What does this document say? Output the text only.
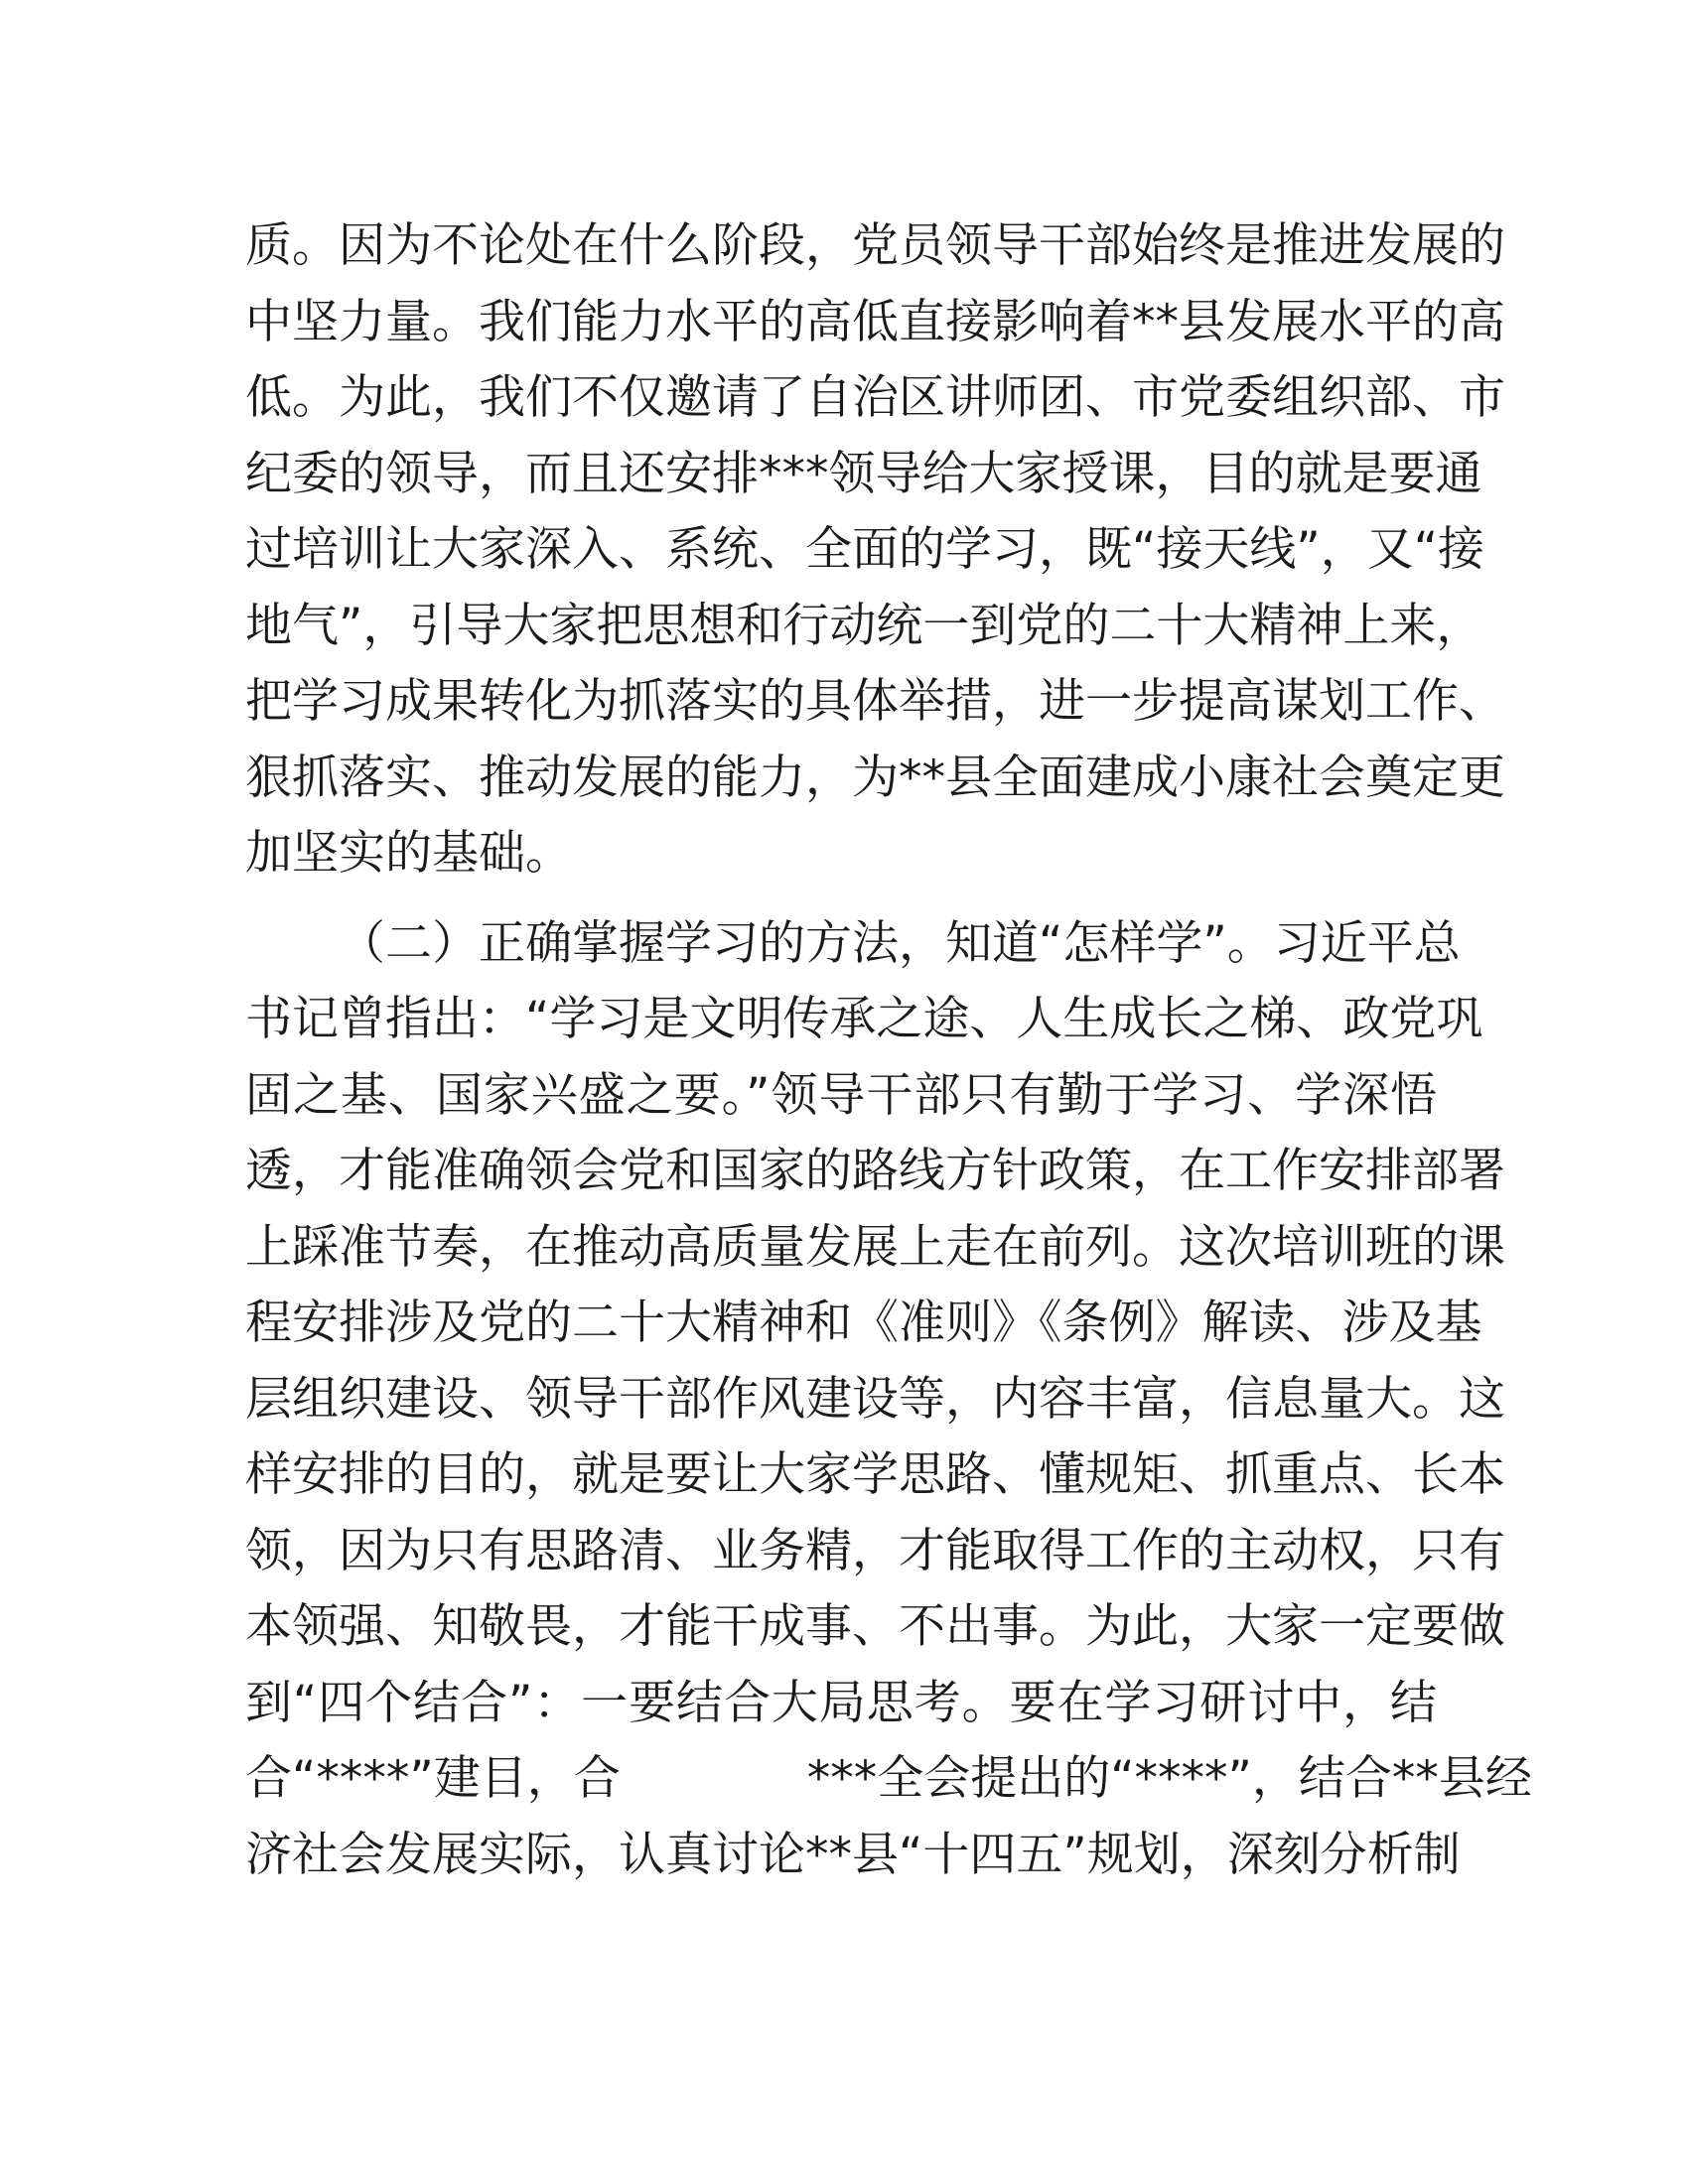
质。因为不论处在什么阶段，党员领导干部始终是推进发展的
中坚力量。我们能力水平的高低直接影响着**县发展水平的高
低。为此，我们不仅邀请了自治区讲师团、市党委组织部、市
纪委的领导，而且还安排***领导给大家授课，目的就是要通
过培训让大家深入、系统、全面的学习，既“接天线”，又“接
地气”，引导大家把思想和行动统一到党的二十大精神上来，
把学习成果转化为抓落实的具体举措，进一步提高谋划工作、
狠抓落实、推动发展的能力，为**县全面建成小康社会奠定更
加坚实的基础。
（二）正确掌握学习的方法，知道“怎样学”。习近平总
书记曾指出：“学习是文明传承之途、人生成长之梯、政党巩
固之基、国家兴盛之要。”领导干部只有勤于学习、学深悟
透，才能准确领会党和国家的路线方针政策，在工作安排部署
上踩准节奏，在推动高质量发展上走在前列。这次培训班的课
程安排涉及党的二十大精神和《准则》《条例》解读、涉及基
层组织建设、领导干部作风建设等，内容丰富，信息量大。这
样安排的目的，就是要让大家学思路、懂规矩、抓重点、长本
领，因为只有思路清、业务精，才能取得工作的主动权，只有
本领强、知敬畏，才能干成事、不出事。为此，大家一定要做
到“四个结合”：一要结合大局思考。要在学习研讨中，结
合“****”建目，合　　　　***全会提出的“****”，结合**县经
济社会发展实际，认真讨论**县“十四五”规划，深刻分析制
